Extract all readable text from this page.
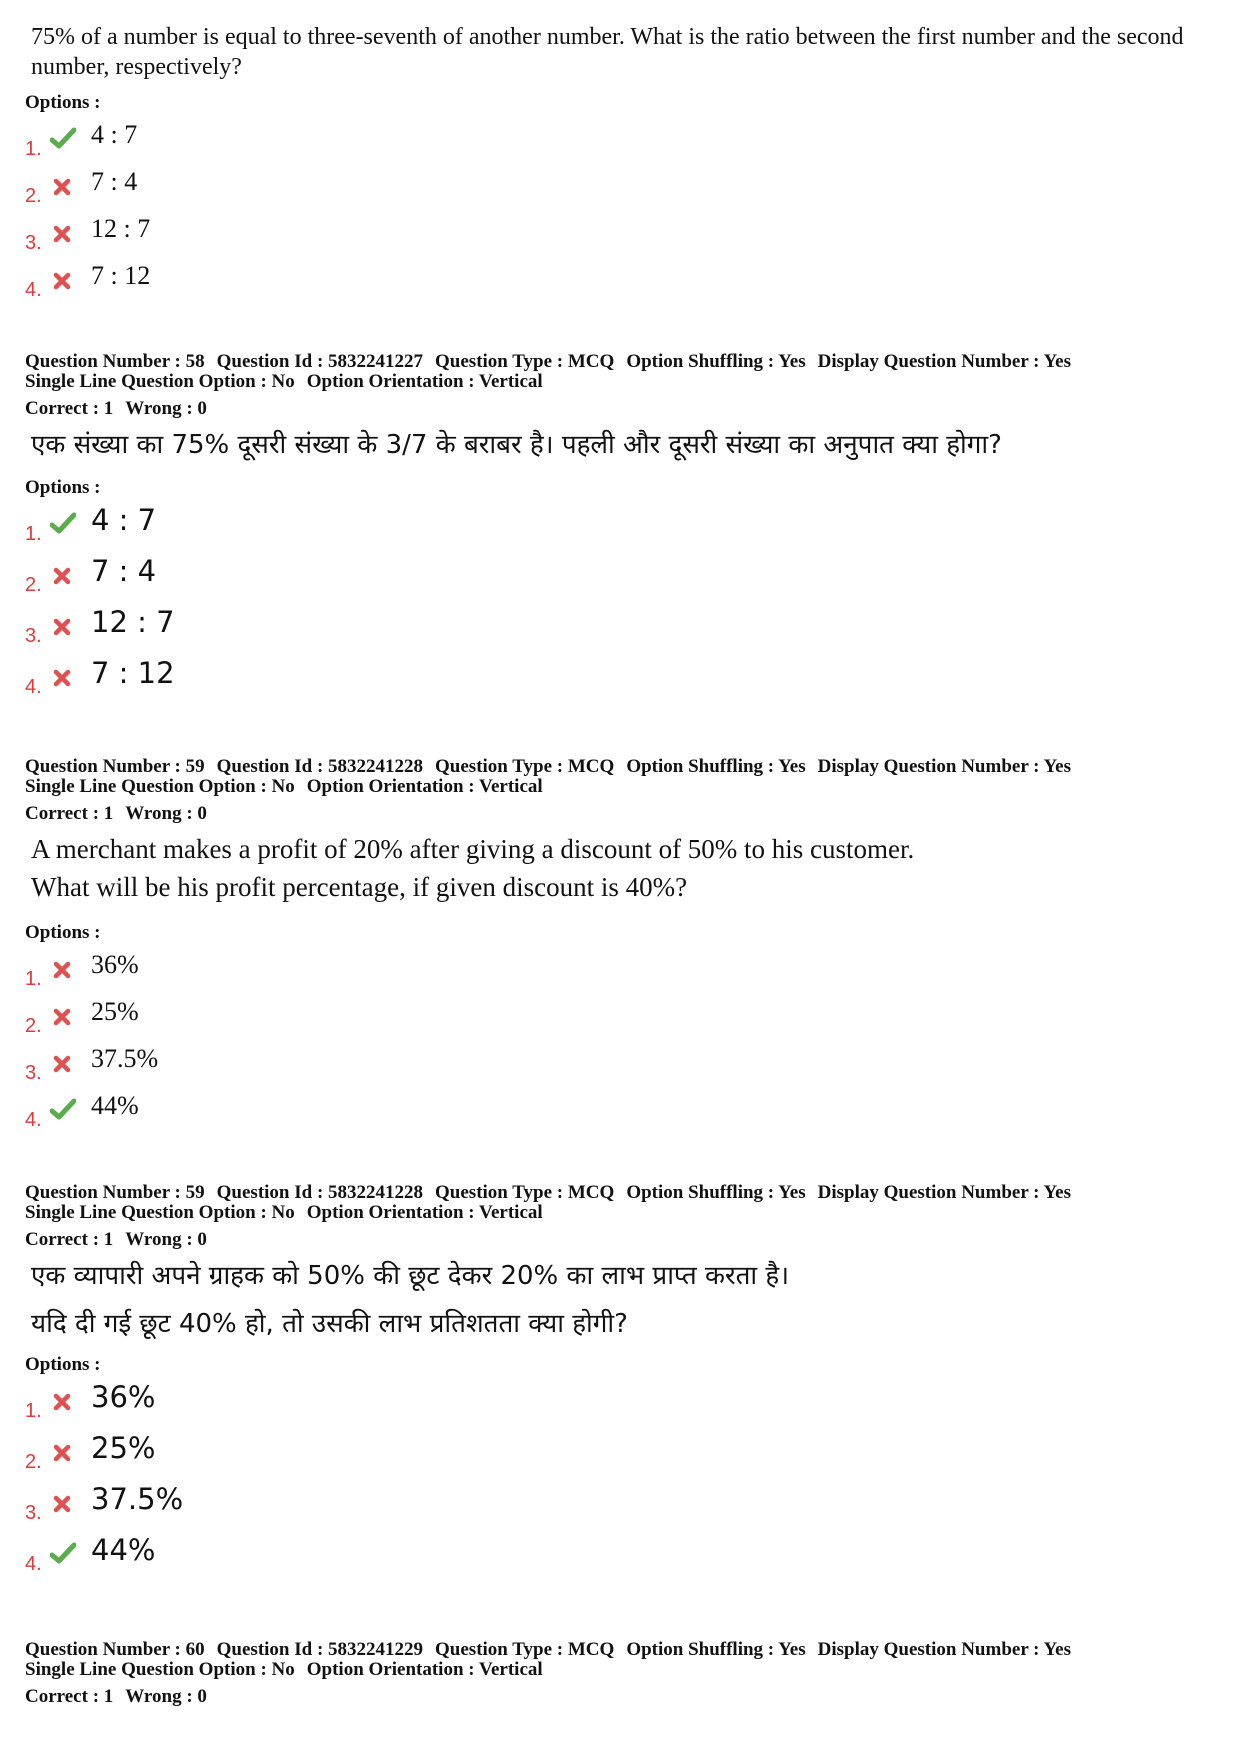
75% of a number is equal to three-seventh of another number. What is the ratio between the first number and the second number, respectively?

Options :

1. 4 : 7
2. 7 : 4
3. 12 : 7
4. 7 : 12

Question Number : 58 Question Id : 5832241227 Question Type : MCQ Option Shuffling : Yes Display Question Number : Yes

Single Line Question Option : No Option Orientation : Vertical

Correct : 1 Wrong : 0

एक संख्या का 75% दूसरी संख्या के 3/7 के बराबर है। पहली और दूसरी संख्या का अनुपात क्या होगा?

Options :

1. 4 : 7
2. 7 : 4
3. 12 : 7
4. 7 : 12

Question Number : 59 Question Id : 5832241228 Question Type : MCQ Option Shuffling : Yes Display Question Number : Yes

Single Line Question Option : No Option Orientation : Vertical

Correct : 1 Wrong : 0

A merchant makes a profit of 20% after giving a discount of 50% to his customer.

What will be his profit percentage, if given discount is 40%?

Options :

1. 36%
2. 25%
3. 37.5%
4. 44%

Question Number : 59 Question Id : 5832241228 Question Type : MCQ Option Shuffling : Yes Display Question Number : Yes

Single Line Question Option : No Option Orientation : Vertical

Correct : 1 Wrong : 0

एक व्यापारी अपने ग्राहक को 50% की छूट देकर 20% का लाभ प्राप्त करता है।

यदि दी गई छूट 40% हो, तो उसकी लाभ प्रतिशतता क्या होगी?

Options :

1. 36%
2. 25%
3. 37.5%
4. 44%

Question Number : 60 Question Id : 5832241229 Question Type : MCQ Option Shuffling : Yes Display Question Number : Yes

Single Line Question Option : No Option Orientation : Vertical

Correct : 1 Wrong : 0
